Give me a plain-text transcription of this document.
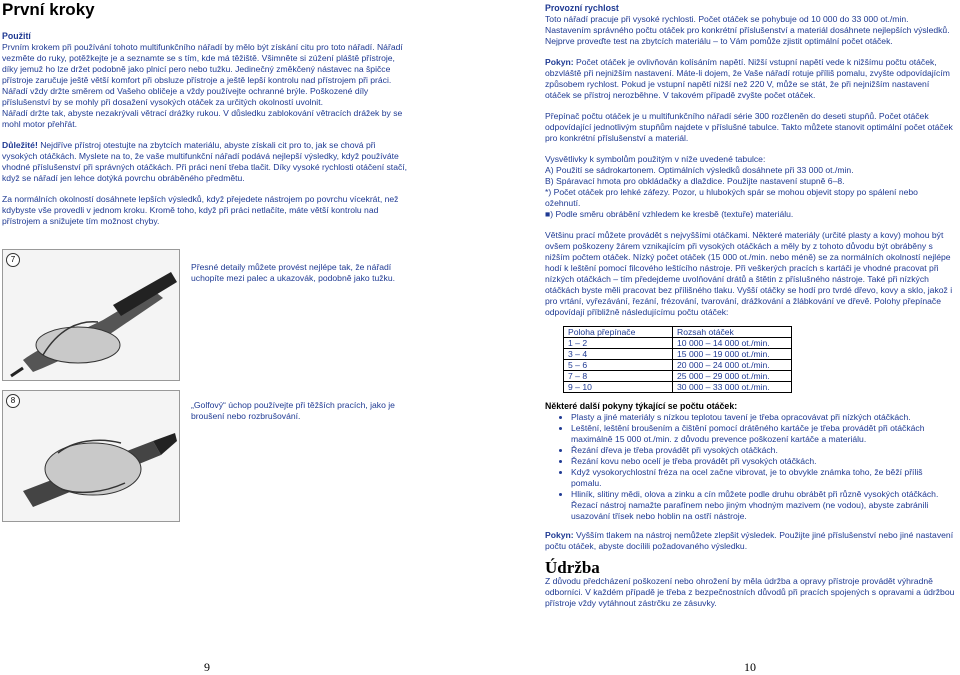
První kroky
Použití

Prvním krokem při používání tohoto multifunkčního nářadí by mělo být získání citu pro toto nářadí. Nářadí vezměte do ruky, potěžkejte je a seznamte se s tím, kde má těžiště. Všimněte si zúžení pláště přístroje, díky jemuž ho lze držet podobně jako plnicí pero nebo tužku. Jedinečný změkčený nástavec na špičce přístroje zaručuje ještě větší komfort při obsluze přístroje a ještě lepší kontrolu nad přístrojem při práci. Nářadí vždy držte směrem od Vašeho obličeje a vždy používejte ochranné brýle. Poškozené díly příslušenství by se mohly při dosažení vysokých otáček za určitých okolností uvolnit.

Nářadí držte tak, abyste nezakrývali větrací drážky rukou. V důsledku zablokování větracích drážek by se mohl motor přehřát.

Důležité! Nejdříve přístroj otestujte na zbytcích materiálu, abyste získali cit pro to, jak se chová při vysokých otáčkách. Myslete na to, že vaše multifunkční nářadí podává nejlepší výsledky, když používáte vhodné příslušenství při správných otáčkách. Při práci není třeba tlačit. Díky vysoké rychlosti otáčení stačí, když se nářadí jen lehce dotýká povrchu obráběného předmětu.

Za normálních okolností dosáhnete lepších výsledků, když přejedete nástrojem po povrchu vícekrát, než kdybyste vše provedli v jednom kroku. Kromě toho, když při práci netlačíte, máte větší kontrolu nad přístrojem a snižujete tím možnost chyby.

7
Přesné detaily můžete provést nejlépe tak, že nářadí uchopíte mezi palec a ukazovák, podobně jako tužku.
8	„Golfový“ úchop používejte při těžších pracích, jako je broušení nebo rozbrušování.
9
Provozní rychlost

Toto nářadí pracuje při vysoké rychlosti. Počet otáček se pohybuje od 10 000 do 33 000 ot./min. Nastavením správného počtu otáček pro konkrétní příslušenství a materiál dosáhnete nejlepších výsledků. Nejprve proveďte test na zbytcích materiálu – to Vám pomůže zjistit optimální počet otáček.

Pokyn: Počet otáček je ovlivňován kolísáním napětí. Nižší vstupní napětí vede k nižšímu počtu otáček, obzvláště při nejnižším nastavení. Máte-li dojem, že Vaše nářadí rotuje příliš pomalu, zvyšte odpovídajícím způsobem rychlost. Pokud je vstupní napětí nižší než 220 V, může se stát, že při nejnižším nastavení otáček se přístroj nerozběhne. V takovém případě zvyšte počet otáček.

Přepínač počtu otáček je u multifunkčního nářadí série 300 rozčleněn do deseti stupňů. Počet otáček odpovídající jednotlivým stupňům najdete v příslušné tabulce. Takto můžete stanovit optimální počet otáček pro konkrétní příslušenství a materiál.

Vysvětlivky k symbolům použitým v níže uvedené tabulce:

A) Použití se sádrokartonem. Optimálních výsledků dosáhnete při 33 000 ot./min.

B) Spáravací hmota pro obkládačky a dlaždice. Použijte nastavení stupně 6–8.

*) Počet otáček pro lehké záfezy. Pozor, u hlubokých spár se mohou objevit stopy po spálení nebo ožehnutí.

■) Podle směru obrábění vzhledem ke kresbě (textuře) materiálu.

Většinu prací můžete provádět s nejvyššími otáčkami. Některé materiály (určité plasty a kovy) mohou být ovšem poškozeny žárem vznikajícím při vysokých otáčkách a měly by z tohoto důvodu být obráběny s nižším počtem otáček. Nízký počet otáček (15 000 ot./min. nebo méně) se za normálních okolností nejlépe hodí k leštění pomocí filcového leštícího nástroje. Při veškerých pracích s kartáči je vhodné pracovat při nízkých otáčkách – tím předejdeme uvolňování drátů a štětin z příslušného nástroje. Také při nízkých otáčkách byste měli pracovat bez přílišného tlaku. Vyšší otáčky se hodí pro tvrdé dřevo, kovy a sklo, jakož i pro vrtání, vyřezávání, řezání, frézování, tvarování, drážkování a žlábkování ve dřevě. Polohy přepínače odpovídají příbližně následujícímu počtu otáček:

Poloha přepínače	Rozsah otáček
1 – 2	10 000 – 14 000 ot./min.
3 – 4	15 000 – 19 000 ot./min.
5 – 6	20 000 – 24 000 ot./min.
7 – 8	25 000 – 29 000 ot./min.
9 – 10	30 000 – 33 000 ot./min.
Některé další pokyny týkající se počtu otáček:
• Plasty a jiné materiály s nízkou teplotou tavení je třeba opracovávat při nízkých otáčkách.
• Leštění, leštění broušením a čištění pomocí drátěného kartáče je třeba provádět při otáčkách maximálně 15 000 ot./min. z důvodu prevence poškození kartáče a materiálu.
• Řezání dřeva je třeba provádět při vysokých otáčkách.
• Řezání kovu nebo ocelí je třeba provádět při vysokých otáčkách.
• Když vysokorychlostní fréza na ocel začne vibrovat, je to obvykle známka toho, že běží příliš pomalu.
• Hliník, slitiny mědi, olova a zinku a cín můžete podle druhu obrábět při různě vysokých otáčkách. Řezací nástroj namažte parafínem nebo jiným vhodným mazivem (ne vodou), abyste zabránili usazování třísek nebo hoblin na ostří nástroje.

Pokyn: Vyšším tlakem na nástroj nemůžete zlepšit výsledek. Použijte jiné příslušenství nebo jiné nastavení počtu otáček, abyste docílili požadovaného výsledku.

Údržba

Z důvodu předcházení poškození nebo ohrožení by měla údržba a opravy přístroje provádět výhradně odborníci. V každém případě je třeba z bezpečnostních důvodů při pracích spojených s opravami a údržbou přístroje vždy vytáhnout zástrčku ze zásuvky.

10
